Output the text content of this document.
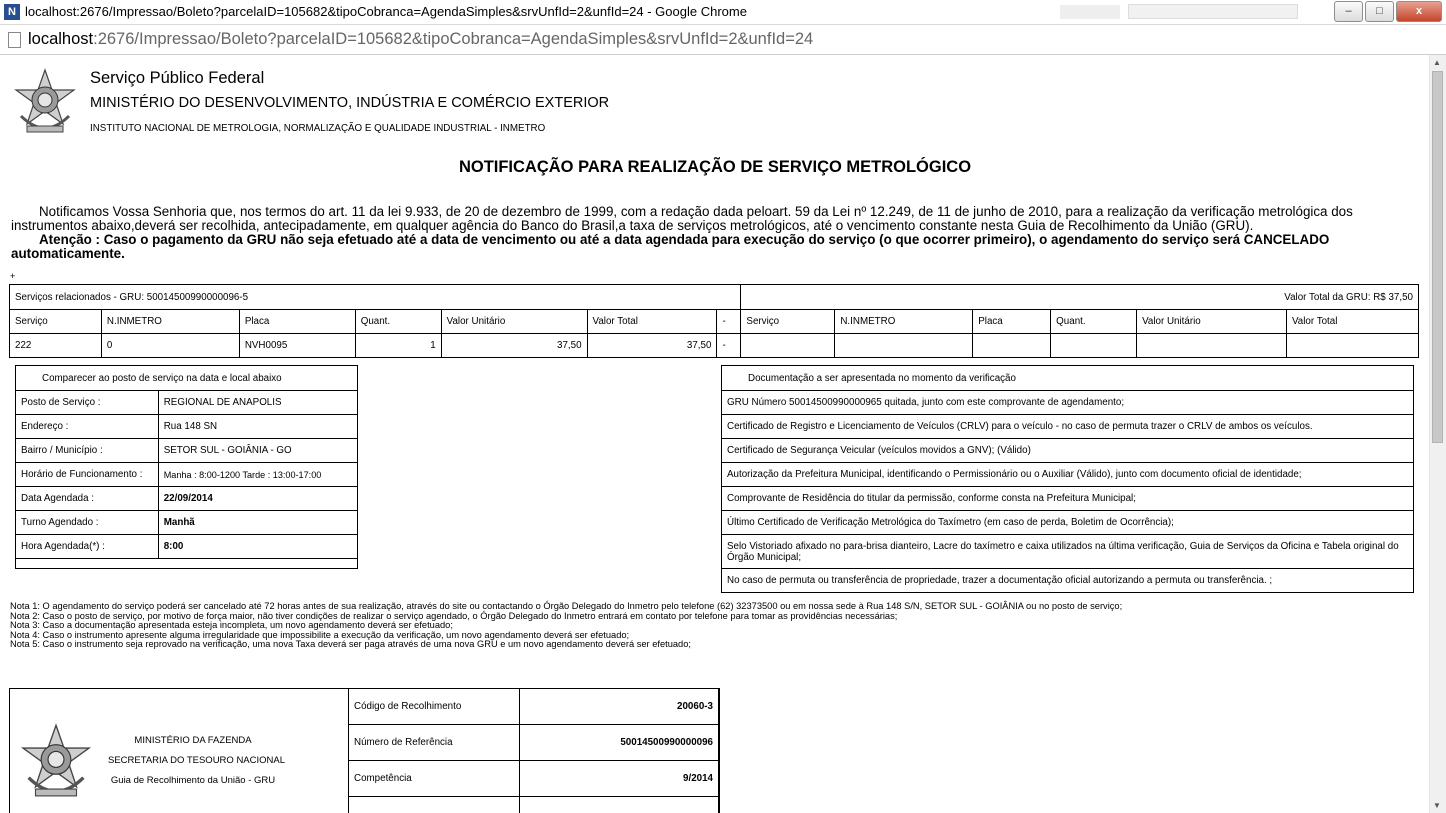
N localhost:2676/Impressao/Boleto?parcelaID=105682&tipoCobranca=AgendaSimples&srvUnfId=2&unfId=24 - Google Chrome	–	□	x
localhost:2676/Impressao/Boleto?parcelaID=105682&tipoCobranca=AgendaSimples&srvUnfId=2&unfId=24
Serviço Público Federal
MINISTÉRIO DO DESENVOLVIMENTO, INDÚSTRIA E COMÉRCIO EXTERIOR
INSTITUTO NACIONAL DE METROLOGIA, NORMALIZAÇÃO E QUALIDADE INDUSTRIAL - INMETRO
NOTIFICAÇÃO PARA REALIZAÇÃO DE SERVIÇO METROLÓGICO

Notificamos Vossa Senhoria que, nos termos do art. 11 da lei 9.933, de 20 de dezembro de 1999, com a redação dada peloart. 59 da Lei nº 12.249, de 11 de junho de 2010, para a realização da verificação metrológica dos instrumentos abaixo,deverá ser recolhida, antecipadamente, em qualquer agência do Banco do Brasil,a taxa de serviços metrológicos, até o vencimento constante nesta Guia de Recolhimento da União (GRU).

Atenção : Caso o pagamento da GRU não seja efetuado até a data de vencimento ou até a data agendada para execução do serviço (o que ocorrer primeiro), o agendamento do serviço será CANCELADO automaticamente.

+
Serviços relacionados - GRU: 50014500990000096-5							Valor Total da GRU: R$ 37,50					
Serviço	N.INMETRO	Placa	Quant.	Valor Unitário	Valor Total	-	Serviço	N.INMETRO	Placa	Quant.	Valor Unitário	Valor Total
222	0	NVH0095	1	37,50	37,50	-						
Comparecer ao posto de serviço na data e local abaixo	
Posto de Serviço :	REGIONAL DE ANAPOLIS
Endereço :	Rua 148 SN
Bairro / Município :	SETOR SUL - GOIÂNIA - GO
Horário de Funcionamento :	Manha : 8:00-1200 Tarde : 13:00-17:00
Data Agendada :	22/09/2014
Turno Agendado :	Manhã
Hora Agendada(*) :	8:00

Documentação a ser apresentada no momento da verificação
GRU Número 50014500990000965 quitada, junto com este comprovante de agendamento;
Certificado de Registro e Licenciamento de Veículos (CRLV) para o veículo - no caso de permuta trazer o CRLV de ambos os veículos.
Certificado de Segurança Veicular (veículos movidos a GNV); (Válido)
Autorização da Prefeitura Municipal, identificando o Permissionário ou o Auxiliar (Válido), junto com documento oficial de identidade;
Comprovante de Residência do titular da permissão, conforme consta na Prefeitura Municipal;
Último Certificado de Verificação Metrológica do Taxímetro (em caso de perda, Boletim de Ocorrência);
Selo Vistoriado afixado no para-brisa dianteiro, Lacre do taxímetro e caixa utilizados na última verificação, Guia de Serviços da Oficina e Tabela original do Órgão Municipal;
No caso de permuta ou transferência de propriedade, trazer a documentação oficial autorizando a permuta ou transferência. ;
Nota 1: O agendamento do serviço poderá ser cancelado até 72 horas antes de sua realização, através do site ou contactando o Órgão Delegado do Inmetro pelo telefone (62) 32373500 ou em nossa sede à Rua 148 S/N, SETOR SUL - GOIÂNIA ou no posto de serviço;
Nota 2: Caso o posto de serviço, por motivo de força maior, não tiver condições de realizar o serviço agendado, o Órgão Delegado do Inmetro entrará em contato por telefone para tomar as providências necessárias;
Nota 3: Caso a documentação apresentada esteja incompleta, um novo agendamento deverá ser efetuado;
Nota 4: Caso o instrumento apresente alguma irregularidade que impossibilite a execução da verificação, um novo agendamento deverá ser efetuado;
Nota 5: Caso o instrumento seja reprovado na verificação, uma nova Taxa deverá ser paga através de uma nova GRU e um novo agendamento deverá ser efetuado;
MINISTÉRIO DA FAZENDA
SECRETARIA DO TESOURO NACIONAL
Guia de Recolhimento da União - GRU
Código de Recolhimento	20060-3
Número de Referência	50014500990000096
Competência	9/2014

▲
▼
